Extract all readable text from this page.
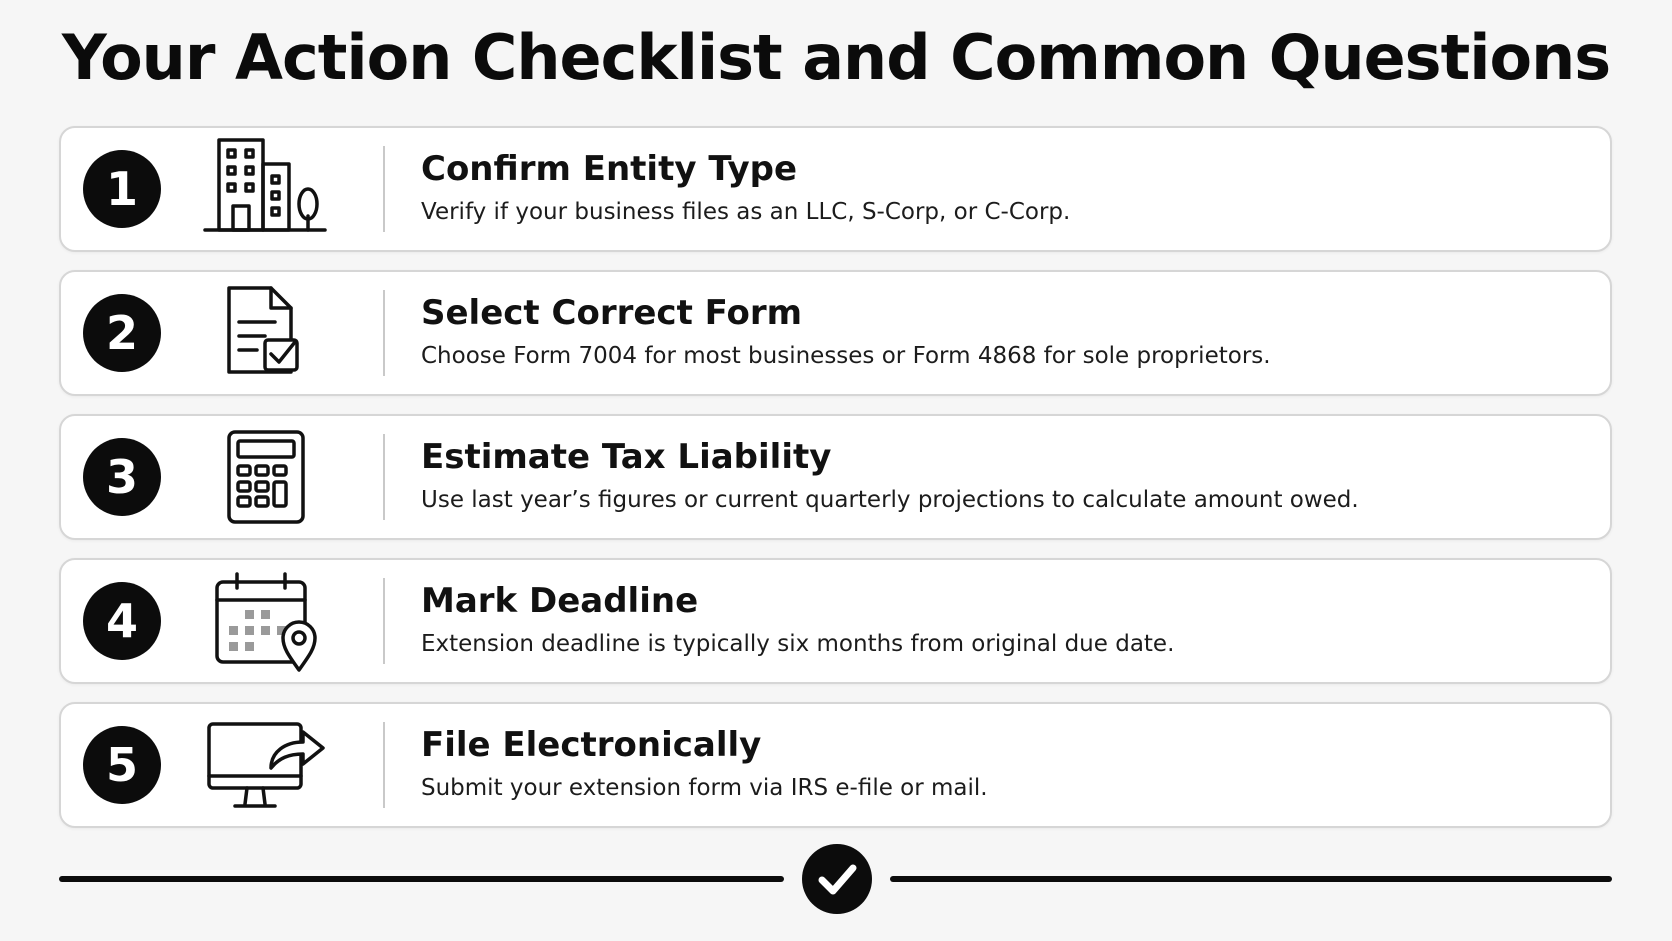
Your Action Checklist and Common Questions
1	Confirm Entity Type
Verify if your business files as an LLC, S-Corp, or C-Corp.
2	Select Correct Form
Choose Form 7004 for most businesses or Form 4868 for sole proprietors.
3	Estimate Tax Liability
Use last year’s figures or current quarterly projections to calculate amount owed.
4	Mark Deadline
Extension deadline is typically six months from original due date.
5	File Electronically
Submit your extension form via IRS e-file or mail.
